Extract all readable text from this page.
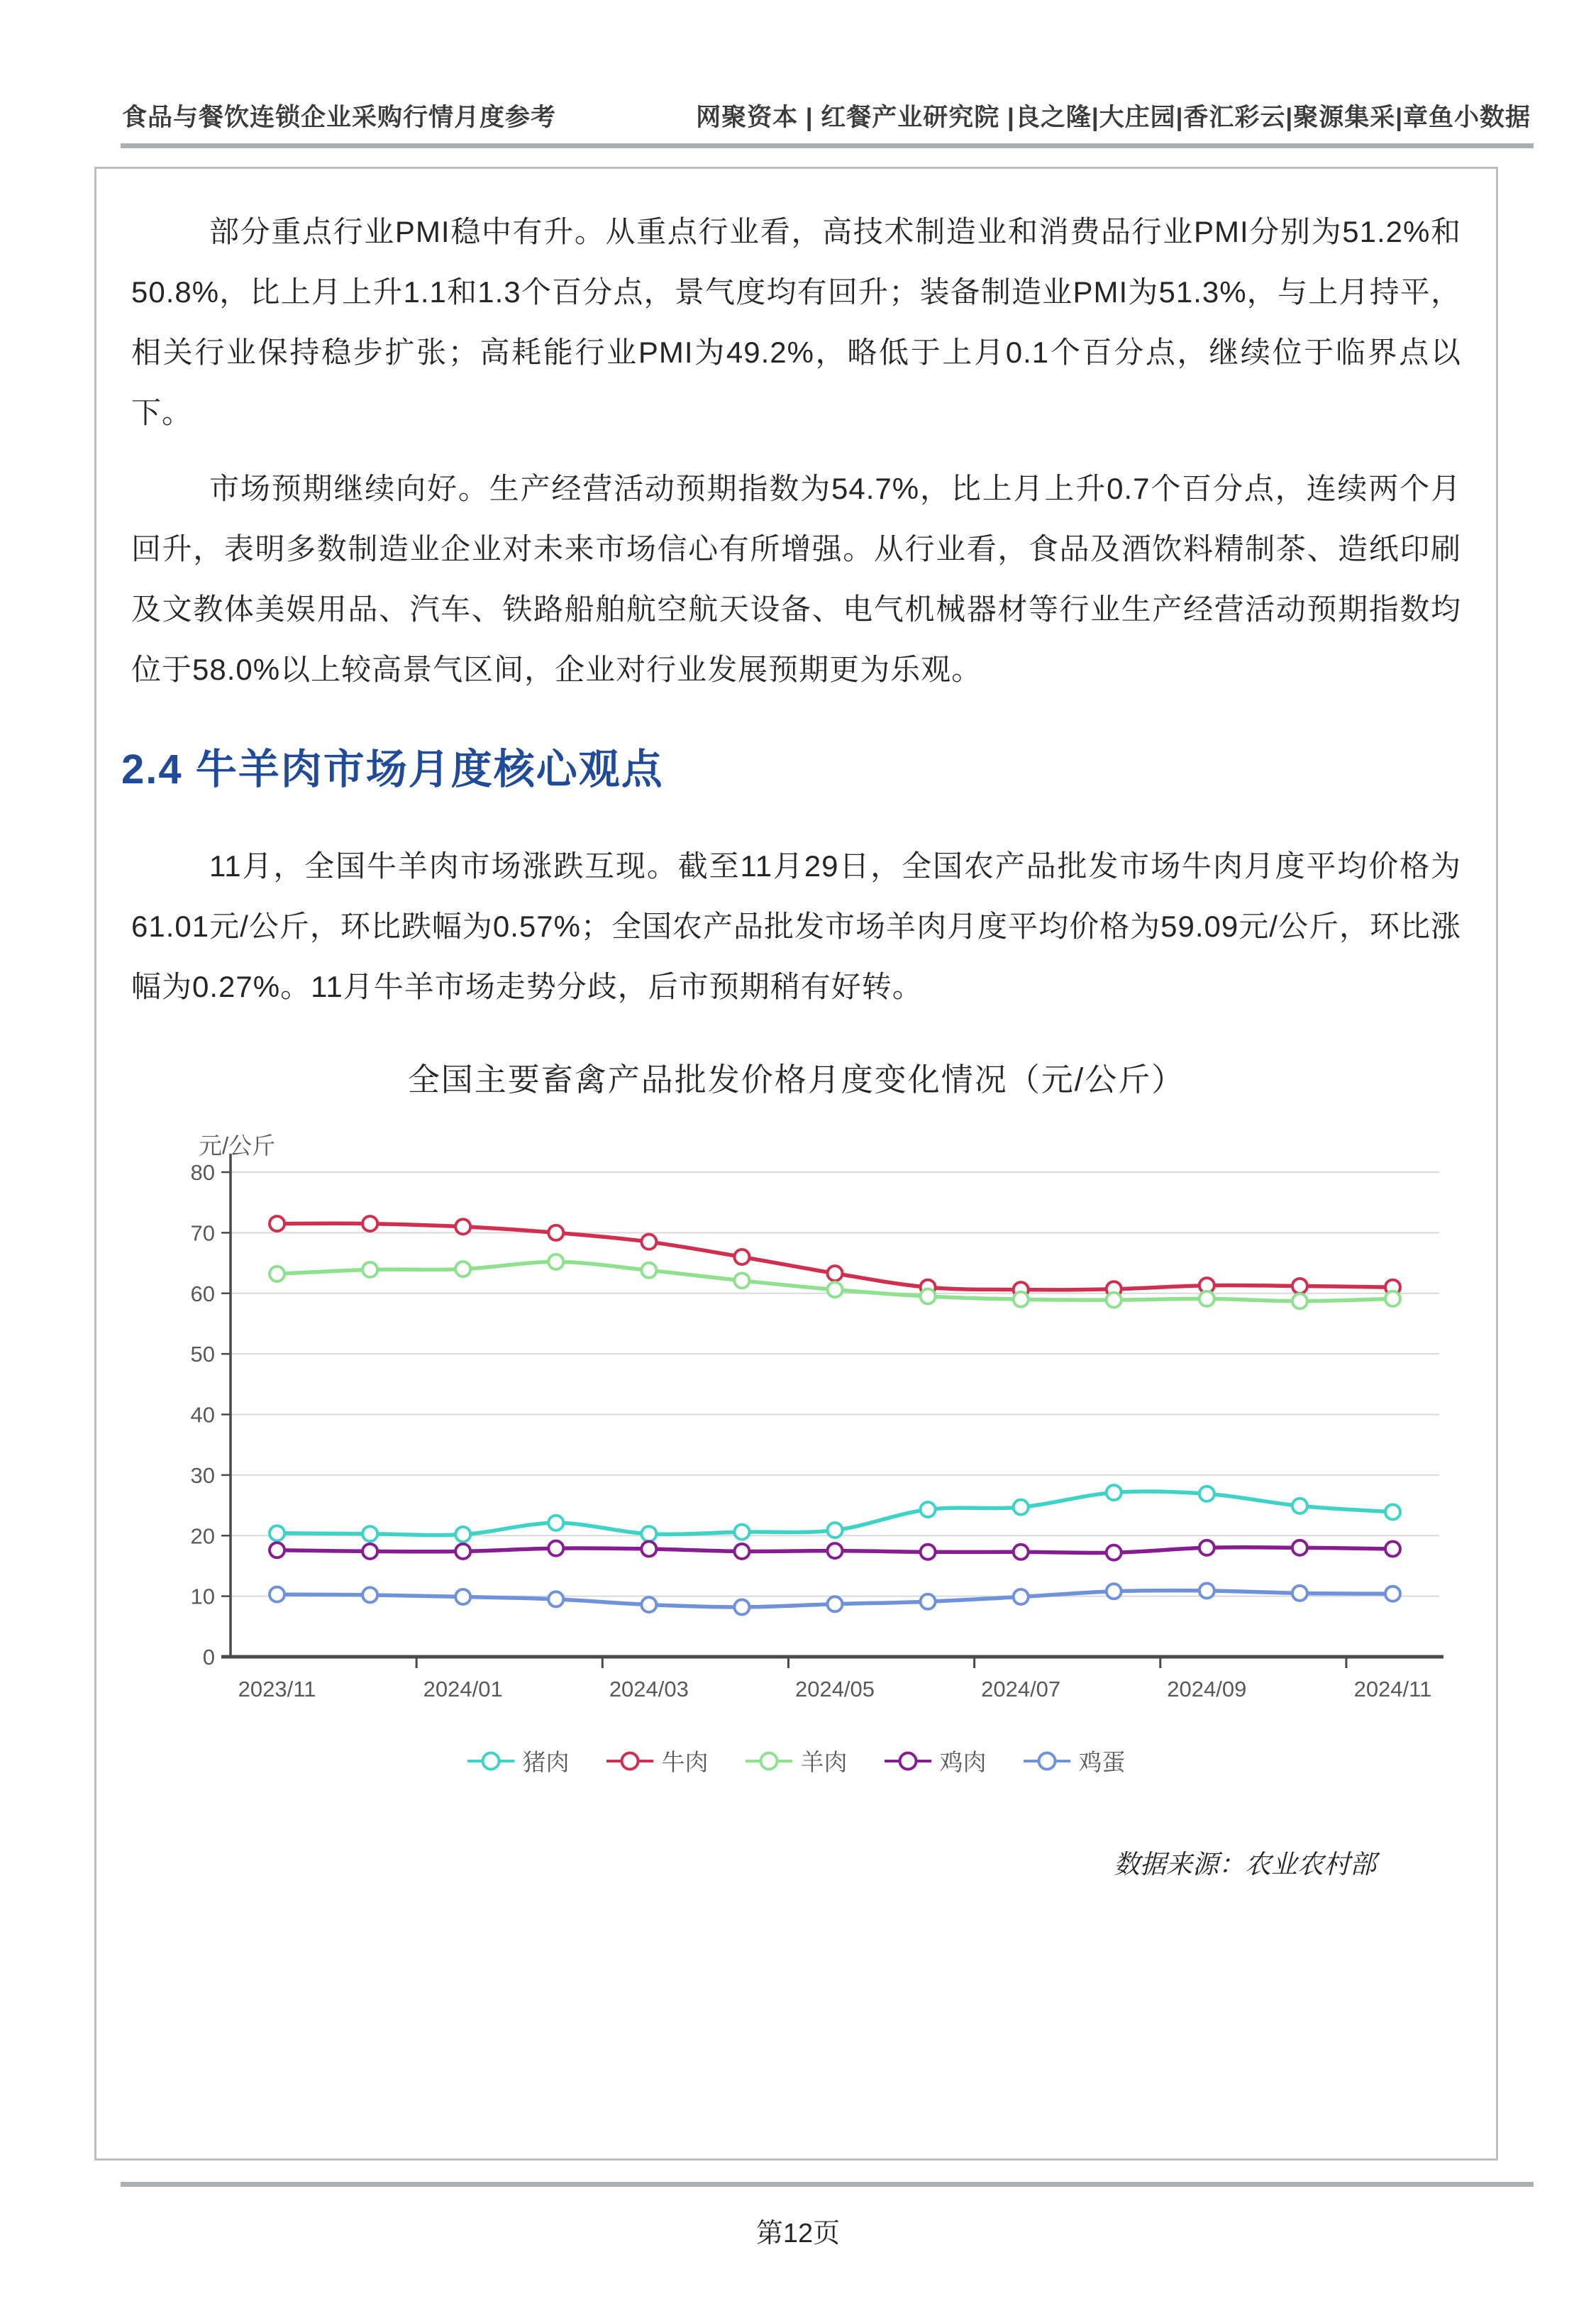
食品与餐饮连锁企业采购行情月度参考	网聚资本 | 红餐产业研究院 |良之隆|大庄园|香汇彩云|聚源集采|章鱼小数据

部分重点行业PMI稳中有升。从重点行业看，高技术制造业和消费品行业PMI分别为51.2%和50.8%，比上月上升1.1和1.3个百分点，景气度均有回升；装备制造业PMI为51.3%，与上月持平，相关行业保持稳步扩张；高耗能行业PMI为49.2%，略低于上月0.1个百分点，继续位于临界点以下。

市场预期继续向好。生产经营活动预期指数为54.7%，比上月上升0.7个百分点，连续两个月回升，表明多数制造业企业对未来市场信心有所增强。从行业看，食品及酒饮料精制茶、造纸印刷及文教体美娱用品、汽车、铁路船舶航空航天设备、电气机械器材等行业生产经营活动预期指数均位于58.0%以上较高景气区间，企业对行业发展预期更为乐观。

2.4 牛羊肉市场月度核心观点

11月，全国牛羊肉市场涨跌互现。截至11月29日，全国农产品批发市场牛肉月度平均价格为61.01元/公斤，环比跌幅为0.57%；全国农产品批发市场羊肉月度平均价格为59.09元/公斤，环比涨幅为0.27%。11月牛羊市场走势分歧，后市预期稍有好转。

全国主要畜禽产品批发价格月度变化情况（元/公斤）
元/公斤
0
10
20
30
40
50
60
70
80
2023/11	2024/01	2024/03	2024/05	2024/07	2024/09	2024/11
猪肉	牛肉	羊肉	鸡肉	鸡蛋
数据来源：农业农村部
第12页
